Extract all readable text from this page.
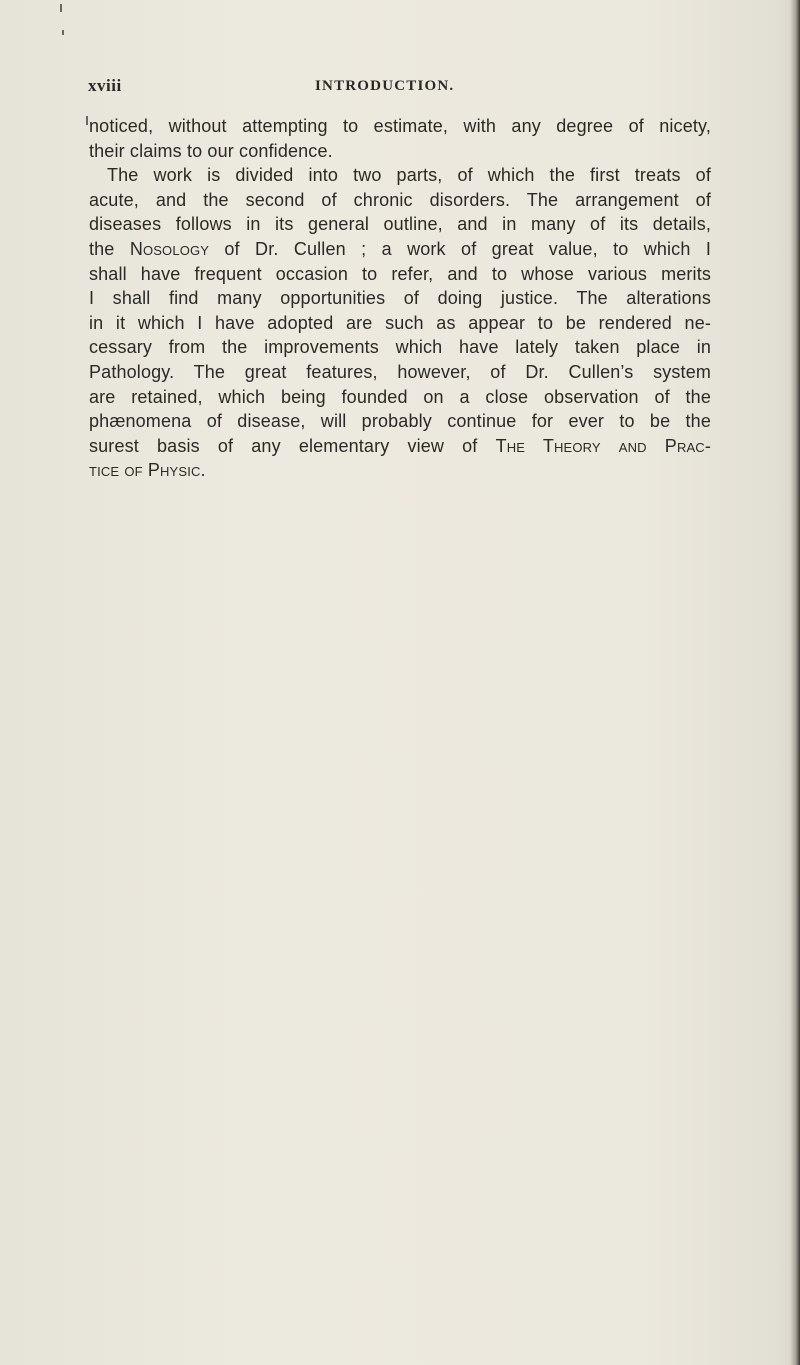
xviii	INTRODUCTION.
noticed, without attempting to estimate, with any degree of nicety,
their claims to our confidence.
The work is divided into two parts, of which the first treats of
acute, and the second of chronic disorders. The arrangement of
diseases follows in its general outline, and in many of its details,
the Nosology of Dr. Cullen ; a work of great value, to which I
shall have frequent occasion to refer, and to whose various merits
I shall find many opportunities of doing justice. The alterations
in it which I have adopted are such as appear to be rendered ne-
cessary from the improvements which have lately taken place in
Pathology. The great features, however, of Dr. Cullen’s system
are retained, which being founded on a close observation of the
phænomena of disease, will probably continue for ever to be the
surest basis of any elementary view of The Theory and Prac-
tice of Physic.
